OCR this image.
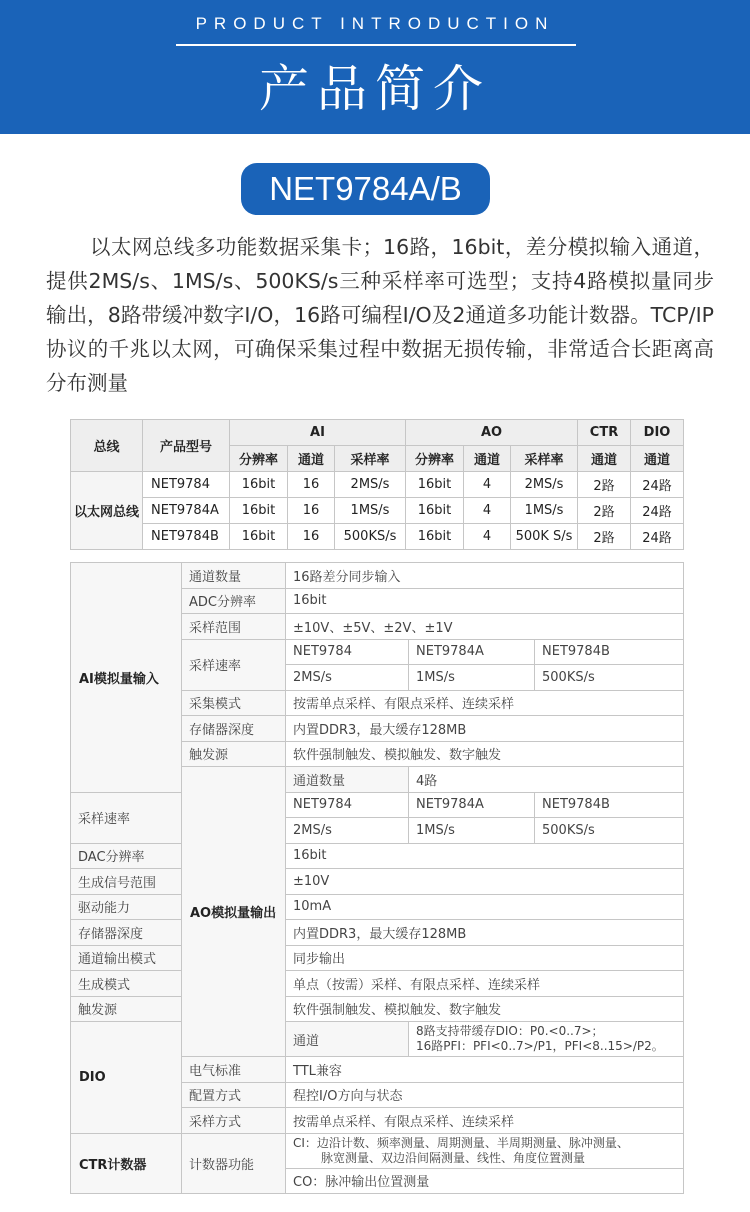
PRODUCT INTRODUCTION
产品简介
NET9784A/B
以太网总线多功能数据采集卡；16路，16bit，差分模拟输入通道，提供2MS/s、1MS/s、500KS/s三种采样率可选型；支持4路模拟量同步输出，8路带缓冲数字I/O，16路可编程I/O及2通道多功能计数器。TCP/IP协议的千兆以太网，可确保采集过程中数据无损传输，非常适合长距离高分布测量
总线	产品型号	AI			AO			CTR	DIO
		分辨率	通道	采样率	分辨率	通道	采样率	通道	通道
以太网总线	NET9784	16bit	16	2MS/s	16bit	4	2MS/s	2路	24路
	NET9784A	16bit	16	1MS/s	16bit	4	1MS/s	2路	24路
	NET9784B	16bit	16	500KS/s	16bit	4	500K S/s	2路	24路
AI模拟量输入	通道数量	16路差分同步输入		
	ADC分辨率	16bit		
	采样范围	±10V、±5V、±2V、±1V		
	采样速率	NET9784	NET9784A	NET9784B
		2MS/s	1MS/s	500KS/s
	采集模式	按需单点采样、有限点采样、连续采样		
	存储器深度	内置DDR3，最大缓存128MB		
	触发源	软件强制触发、模拟触发、数字触发		
	AO模拟量输出	通道数量	4路	
采样速率		NET9784	NET9784A	NET9784B
		2MS/s	1MS/s	500KS/s
DAC分辨率		16bit		
生成信号范围		±10V		
驱动能力		10mA		
存储器深度		内置DDR3，最大缓存128MB		
通道输出模式		同步输出		
生成模式		单点（按需）采样、有限点采样、连续采样		
触发源		软件强制触发、模拟触发、数字触发		
DIO		通道	8路支持带缓存DIO：P0.<0..7>；
16路PFI：PFI<0..7>/P1，PFI<8..15>/P2。	

	电气标准	TTL兼容		
	配置方式	程控I/O方向与状态		
	采样方式	按需单点采样、有限点采样、连续采样		
CTR计数器	计数器功能	CI：边沿计数、频率测量、周期测量、半周期测量、脉冲测量、
脉宽测量、双边沿间隔测量、线性、角度位置测量		

		CO：脉冲输出位置测量		
